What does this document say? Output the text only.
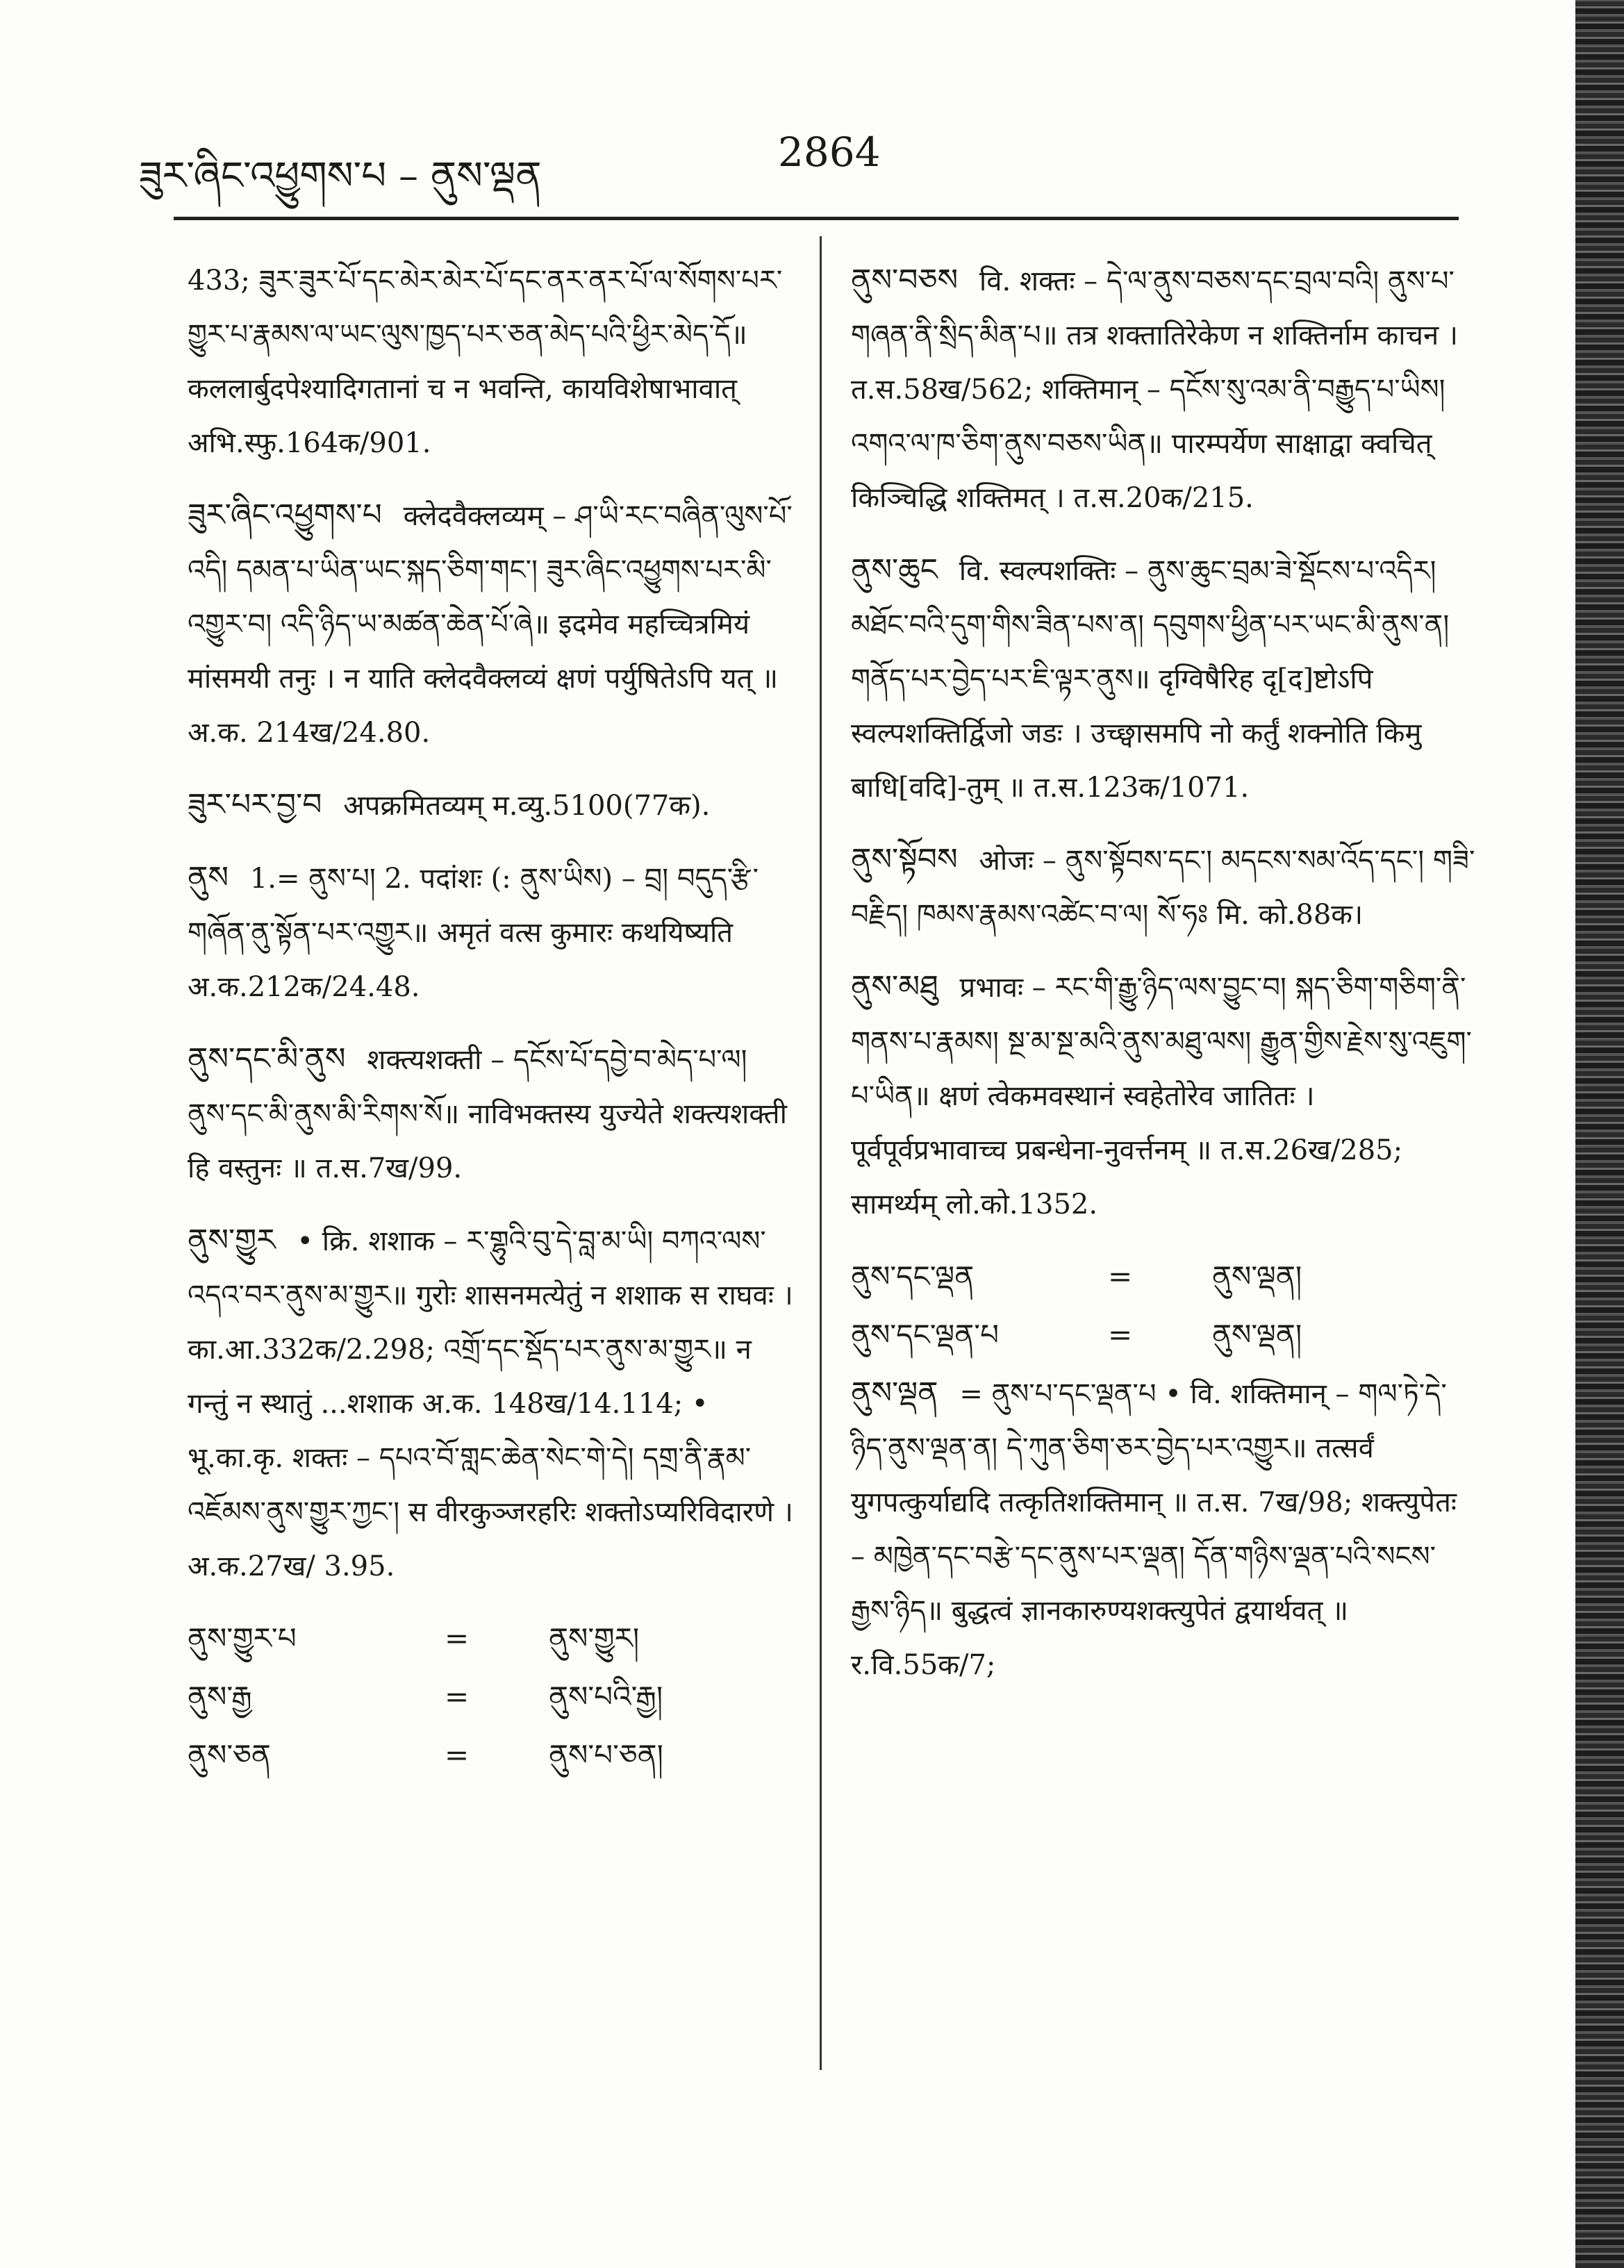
ཟུར་ཞིང་འཕྱུགས་པ – ནུས་ལྡན
2864
433; ཟུར་ཟུར་པོ་དང་མེར་མེར་པོ་དང་ནར་ནར་པོ་ལ་སོགས་པར་གྱུར་པ་རྣམས་ལ་ཡང་ལུས་ཁྱད་པར་ཅན་མེད་པའི་ཕྱིར་མེད་དོ॥ कललार्बुदपेश्यादिगतानां च न भवन्ति, कायविशेषाभावात् अभि.स्फु.164क/901.
ཟུར་ཞིང་འཕྱུགས་པ क्लेदवैक्लव्यम् – ཤ་ཡི་རང་བཞིན་ལུས་པོ་འདི། དམན་པ་ཡིན་ཡང་སྐད་ཅིག་གང་། ཟུར་ཞིང་འཕྱུགས་པར་མི་འགྱུར་བ། འདི་ཉིད་ཡ་མཚན་ཆེན་པོ་ཞེ॥ इदमेव महच्चित्रमियं मांसमयी तनुः । न याति क्लेदवैक्लव्यं क्षणं पर्युषितेऽपि यत् ॥ अ.क. 214ख/24.80.
ཟུར་པར་བྱ་བ अपक्रमितव्यम् म.व्यु.5100(77क).
ནུས 1.= ནུས་པ། 2. पदांशः (: ནུས་ཡིས) – བྲ། བདུད་རྩི་གཞོན་ནུ་སྟོན་པར་འགྱུར॥ अमृतं वत्स कुमारः कथयिष्यति अ.क.212क/24.48.
ནུས་དང་མི་ནུས शक्त्यशक्ती – དངོས་པོ་དབྱེ་བ་མེད་པ་ལ། ནུས་དང་མི་ནུས་མི་རིགས་སོ॥ नाविभक्तस्य युज्येते शक्त्यशक्ती हि वस्तुनः ॥ त.स.7ख/99.
ནུས་གྱུར • क्रि. शशाक – ར་གྷུའི་བུ་དེ་བླ་མ་ཡི། བཀའ་ལས་འདའ་བར་ནུས་མ་གྱུར॥ गुरोः शासनमत्येतुं न शशाक स राघवः । का.आ.332क/2.298; འགྲོ་དང་སྡོད་པར་ནུས་མ་གྱུར॥ न गन्तुं न स्थातुं ...शशाक अ.क. 148ख/14.114; • भू.का.कृ. शक्तः – དཔའ་བོ་གླང་ཆེན་སེང་གེ་དེ། དགྲ་ནི་རྣམ་འཇོམས་ནུས་གྱུར་ཀྱང་། स वीरकुञ्जरहरिः शक्तोऽप्यरिविदारणे । अ.क.27ख/ 3.95.
ནུས་གྱུར་པ	=	ནུས་གྱུར།
ནུས་རྒྱ	=	ནུས་པའི་རྒྱ།
ནུས་ཅན	=	ནུས་པ་ཅན།
ནུས་བཅས वि. शक्तः – དེ་ལ་ནུས་བཅས་དང་བྲལ་བའི། ནུས་པ་གཞན་ནི་སྲིད་མིན་པ॥ तत्र शक्तातिरेकेण न शक्तिर्नाम काचन । त.स.58ख/562; शक्तिमान् – དངོས་སུ་འམ་ནི་བརྒྱུད་པ་ཡིས། འགའ་ལ་ཁ་ཅིག་ནུས་བཅས་ཡིན॥ पारम्पर्येण साक्षाद्वा क्वचित् किञ्चिद्धि शक्तिमत् । त.स.20क/215.
ནུས་ཆུང वि. स्वल्पशक्तिः – ནུས་ཆུང་བྲམ་ཟེ་སྡོངས་པ་འདིར། མཐོང་བའི་དུག་གིས་ཟིན་པས་ན། དབུགས་ཕྱིན་པར་ཡང་མི་ནུས་ན། གནོད་པར་བྱེད་པར་ཇི་ལྟར་ནུས॥ दृग्विषैरिह दृ[द]ष्टोऽपि स्वल्पशक्तिर्द्विजो जडः । उच्छ्वासमपि नो कर्तुं शक्नोति किमु बाधि[वदि]-तुम् ॥ त.स.123क/1071.
ནུས་སྟོབས ओजः – ནུས་སྟོབས་དང་། མདངས་སམ་འོད་དང་། གཟི་བརྗིད། ཁམས་རྣམས་འཚེང་བ་ལ། སོ་ཧཿ मि. को.88क।
ནུས་མཐུ प्रभावः – རང་གི་རྒྱུ་ཉིད་ལས་བྱུང་བ། སྐད་ཅིག་གཅིག་ནི་གནས་པ་རྣམས། སྔ་མ་སྔ་མའི་ནུས་མཐུ་ལས། རྒྱུན་གྱིས་རྗེས་སུ་འཇུག་པ་ཡིན॥ क्षणं त्वेकमवस्थानं स्वहेतोरेव जातितः । पूर्वपूर्वप्रभावाच्च प्रबन्धेना-नुवर्त्तनम् ॥ त.स.26ख/285; सामर्थ्यम् लो.को.1352.
ནུས་དང་ལྡན	=	ནུས་ལྡན།
ནུས་དང་ལྡན་པ	=	ནུས་ལྡན།
ནུས་ལྡན = ནུས་པ་དང་ལྡན་པ • वि. शक्तिमान् – གལ་ཏེ་དེ་ཉིད་ནུས་ལྡན་ན། དེ་ཀུན་ཅིག་ཅར་བྱེད་པར་འགྱུར॥ तत्सर्वं युगपत्कुर्याद्यदि तत्कृतिशक्तिमान् ॥ त.स. 7ख/98; शक्त्युपेतः – མཁྱེན་དང་བརྩེ་དང་ནུས་པར་ལྡན། དོན་གཉིས་ལྡན་པའི་སངས་རྒྱས་ཉིད॥ बुद्धत्वं ज्ञानकारुण्यशक्त्युपेतं द्वयार्थवत् ॥ र.वि.55क/7;
